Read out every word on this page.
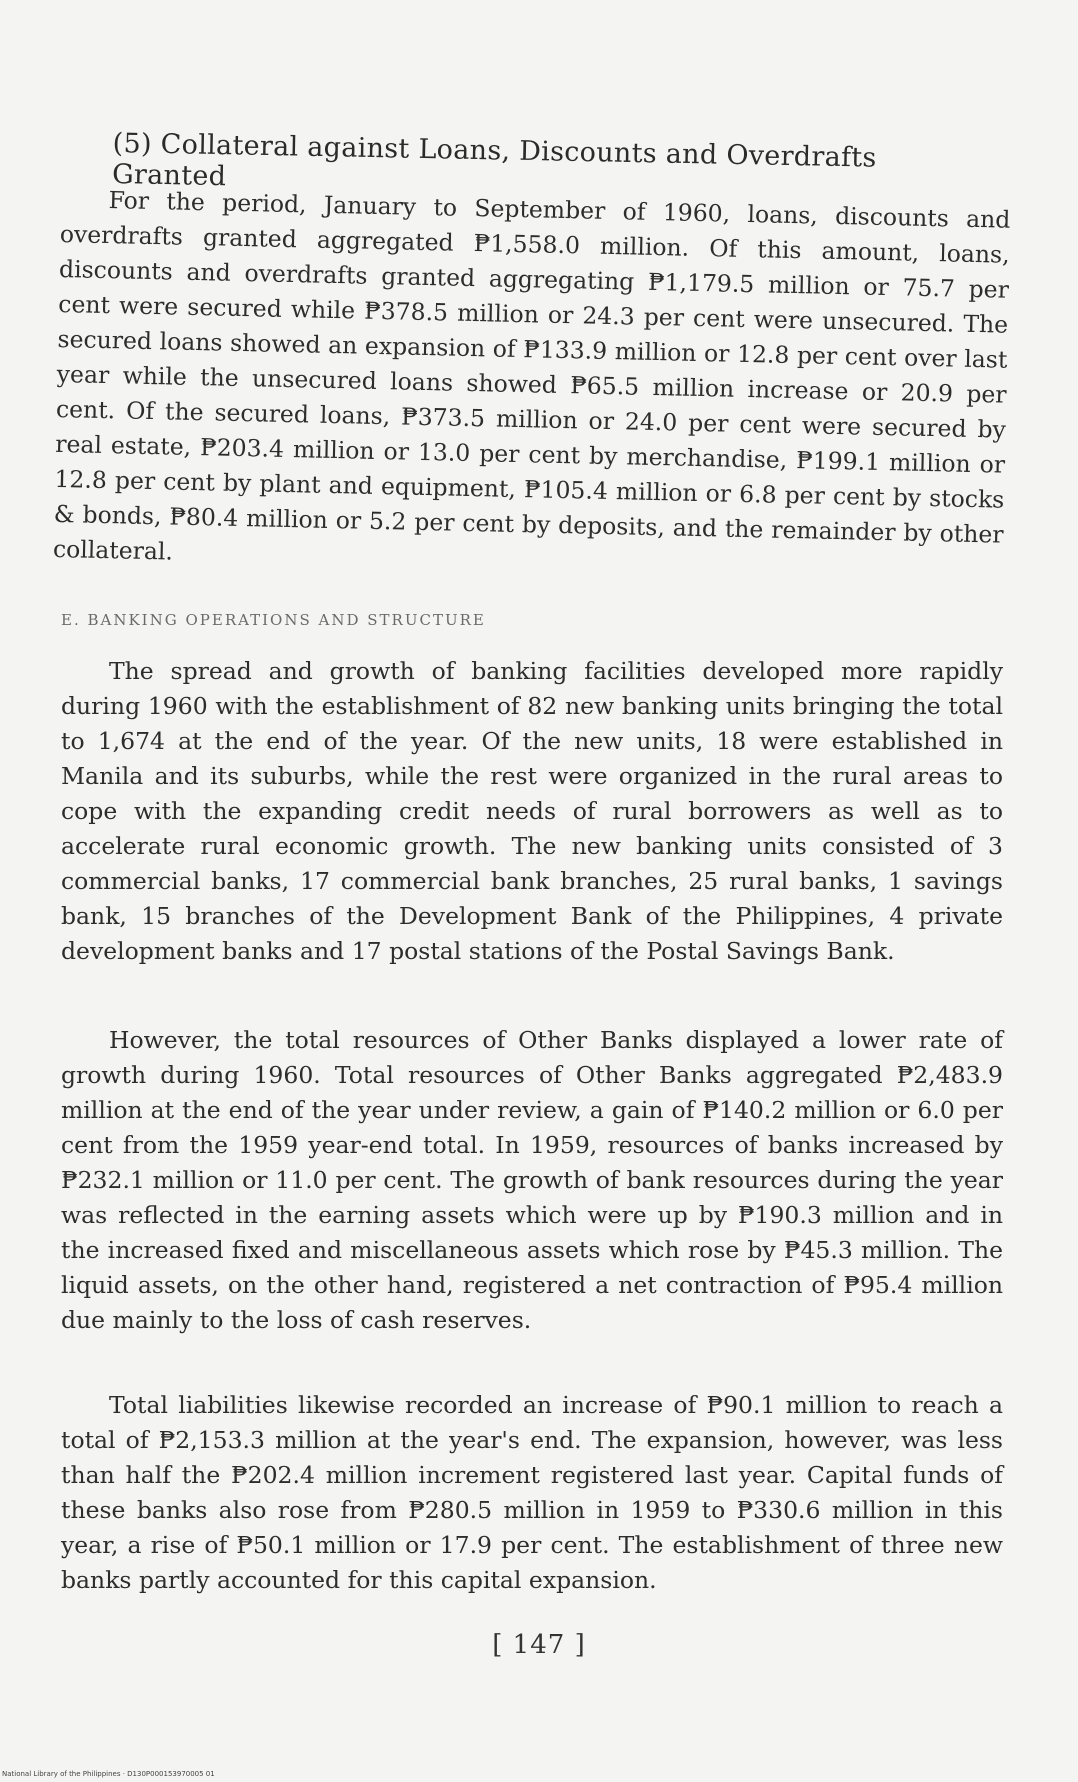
(5) Collateral against Loans, Discounts and Overdrafts Granted

For the period, January to September of 1960, loans, discounts and overdrafts granted aggregated ₱1,558.0 million. Of this amount, loans, discounts and overdrafts granted aggregating ₱1,179.5 million or 75.7 per cent were secured while ₱378.5 million or 24.3 per cent were unsecured. The secured loans showed an expansion of ₱133.9 million or 12.8 per cent over last year while the unsecured loans showed ₱65.5 million increase or 20.9 per cent. Of the secured loans, ₱373.5 million or 24.0 per cent were secured by real estate, ₱203.4 million or 13.0 per cent by merchandise, ₱199.1 million or 12.8 per cent by plant and equipment, ₱105.4 million or 6.8 per cent by stocks & bonds, ₱80.4 million or 5.2 per cent by deposits, and the remainder by other collateral.

E. BANKING OPERATIONS AND STRUCTURE

The spread and growth of banking facilities developed more rapidly during 1960 with the establishment of 82 new banking units bringing the total to 1,674 at the end of the year. Of the new units, 18 were established in Manila and its suburbs, while the rest were organized in the rural areas to cope with the expanding credit needs of rural borrowers as well as to accelerate rural economic growth. The new banking units consisted of 3 commercial banks, 17 commercial bank branches, 25 rural banks, 1 savings bank, 15 branches of the Development Bank of the Philippines, 4 private development banks and 17 postal stations of the Postal Savings Bank.

However, the total resources of Other Banks displayed a lower rate of growth during 1960. Total resources of Other Banks aggregated ₱2,483.9 million at the end of the year under review, a gain of ₱140.2 million or 6.0 per cent from the 1959 year-end total. In 1959, resources of banks increased by ₱232.1 million or 11.0 per cent. The growth of bank resources during the year was reflected in the earning assets which were up by ₱190.3 million and in the increased fixed and miscellaneous assets which rose by ₱45.3 million. The liquid assets, on the other hand, registered a net contraction of ₱95.4 million due mainly to the loss of cash reserves.

Total liabilities likewise recorded an increase of ₱90.1 million to reach a total of ₱2,153.3 million at the year's end. The expansion, however, was less than half the ₱202.4 million increment registered last year. Capital funds of these banks also rose from ₱280.5 million in 1959 to ₱330.6 million in this year, a rise of ₱50.1 million or 17.9 per cent. The establishment of three new banks partly accounted for this capital expansion.

[ 147 ]
National Library of the Philippines · D130P000153970005 01
